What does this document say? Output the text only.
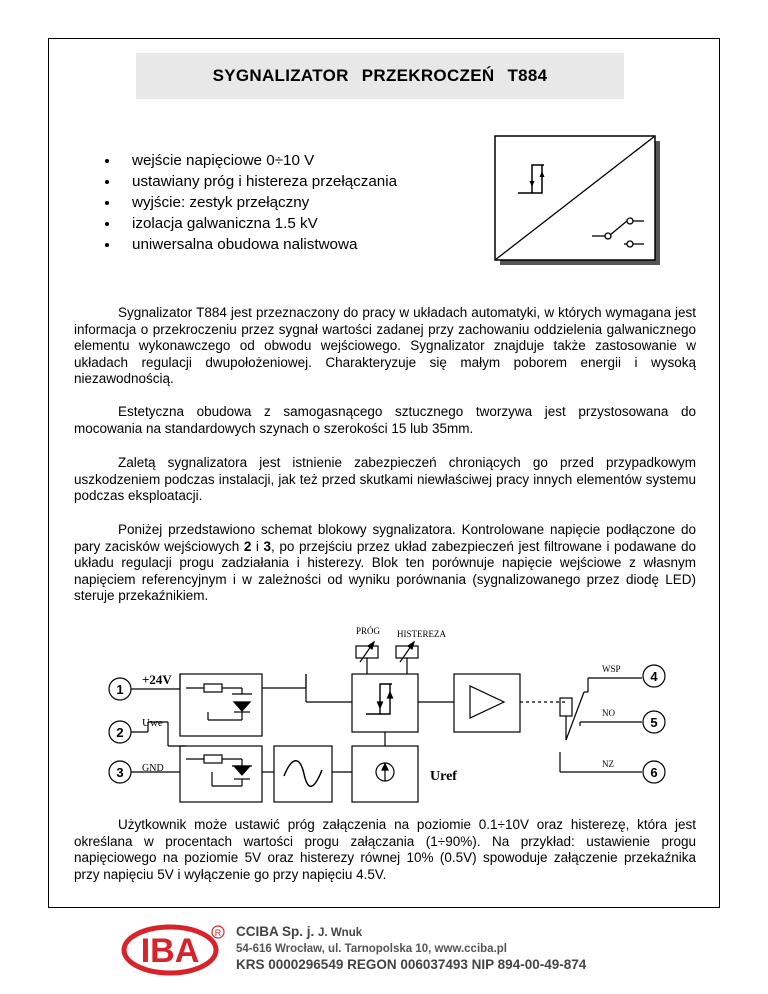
SYGNALIZATOR PRZEKROCZEŃ T884
• wejście napięciowe 0÷10 V
• ustawiany próg i histereza przełączania
• wyjście: zestyk przełączny
• izolacja galwaniczna 1.5 kV
• uniwersalna obudowa nalistwowa

Sygnalizator T884 jest przeznaczony do pracy w układach automatyki, w których wymagana jest informacja o przekroczeniu przez sygnał wartości zadanej przy zachowaniu oddzielenia galwanicznego elementu wykonawczego od obwodu wejściowego. Sygnalizator znajduje także zastosowanie w układach regulacji dwupołożeniowej. Charakteryzuje się małym poborem energii i wysoką niezawodnością.

Estetyczna obudowa z samogasnącego sztucznego tworzywa jest przystosowana do mocowania na standardowych szynach o szerokości 15 lub 35mm.

Zaletą sygnalizatora jest istnienie zabezpieczeń chroniących go przed przypadkowym uszkodzeniem podczas instalacji, jak też przed skutkami niewłaściwej pracy innych elementów systemu podczas eksploatacji.

Poniżej przedstawiono schemat blokowy sygnalizatora. Kontrolowane napięcie podłączone do pary zacisków wejściowych 2 i 3, po przejściu przez układ zabezpieczeń jest filtrowane i podawane do układu regulacji progu zadziałania i histerezy. Blok ten porównuje napięcie wejściowe z własnym napięciem referencyjnym i w zależności od wyniku porównania (sygnalizowanego przez diodę LED) steruje przekaźnikiem.

PRÓG HISTEREZA
+24V
Uwe
GND
Uref
WSP
NO
NZ
1
2
3
4
5
6

Użytkownik może ustawić próg załączenia na poziomie 0.1÷10V oraz histerezę, która jest określana w procentach wartości progu załączania (1÷90%). Na przykład: ustawienie progu napięciowego na poziomie 5V oraz histerezy równej 10% (0.5V) spowoduje załączenie przekaźnika przy napięciu 5V i wyłączenie go przy napięciu 4.5V.

IBA R CCIBA Sp. j. J. Wnuk
54-616 Wrocław, ul. Tarnopolska 10, www.cciba.pl
KRS 0000296549 REGON 006037493 NIP 894-00-49-874
